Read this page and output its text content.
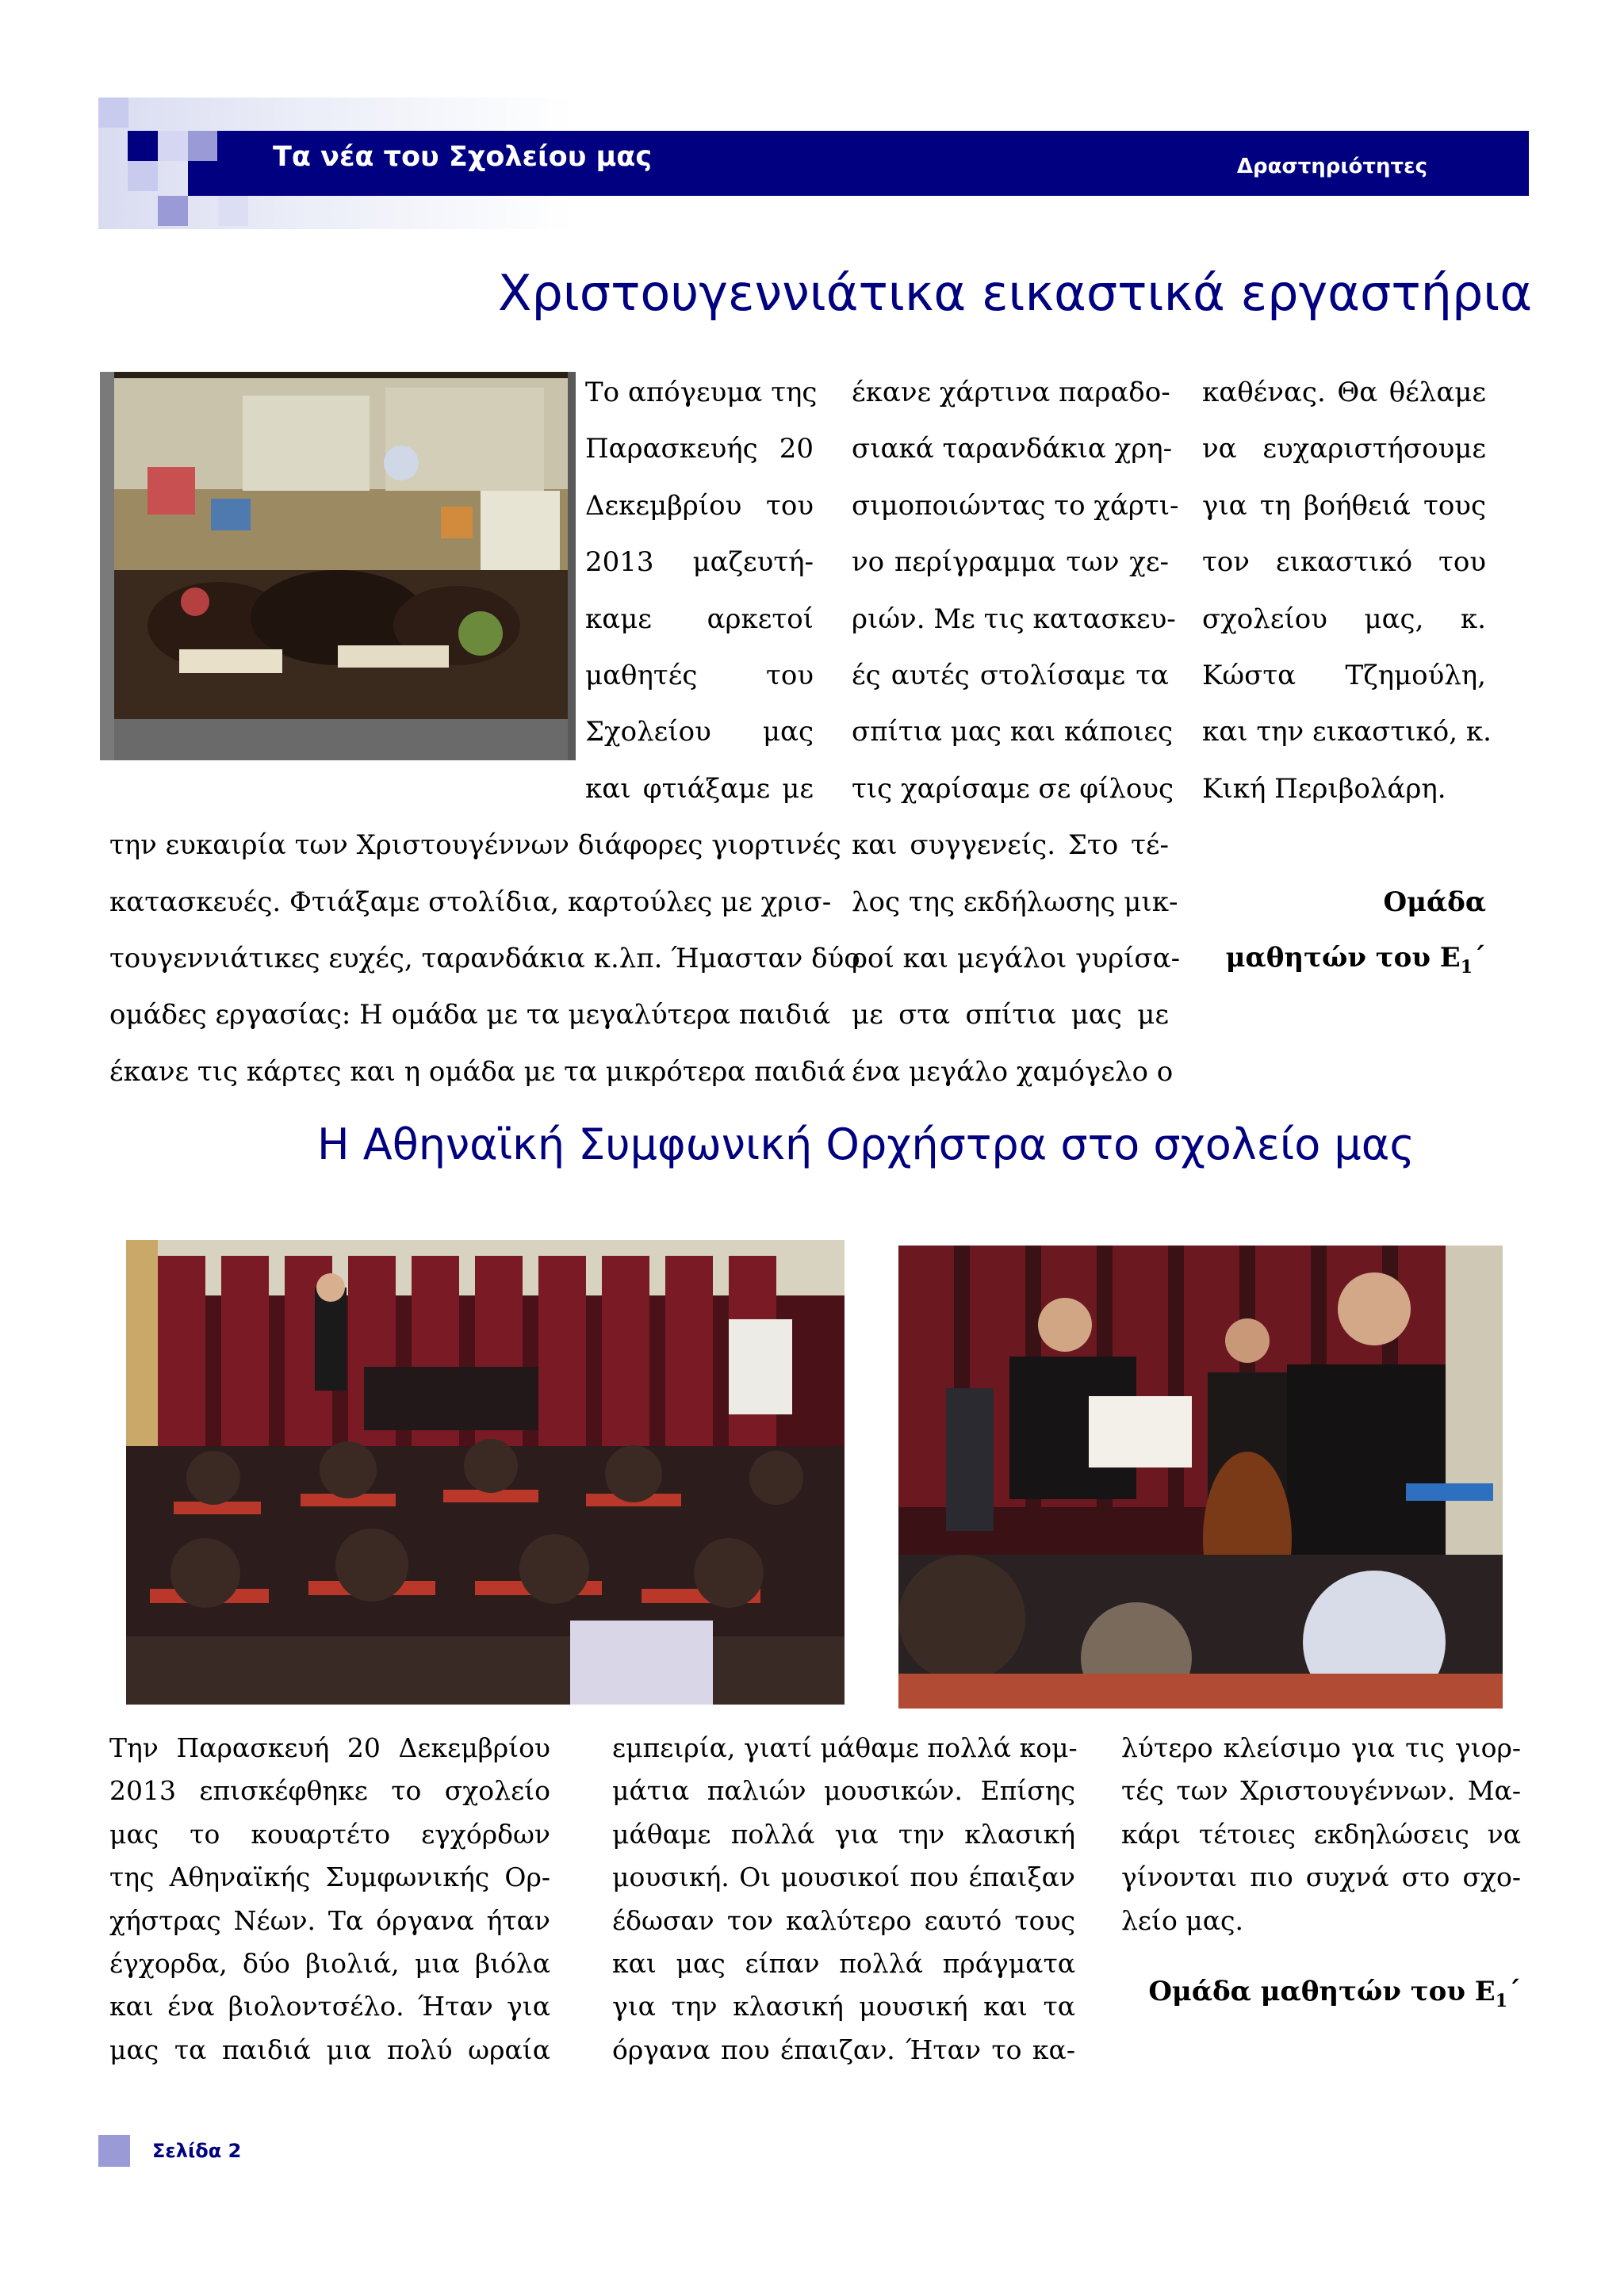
Τα νέα του Σχολείου μας	Δραστηριότητες
Χριστουγεννιάτικα εικαστικά εργαστήρια
Το απόγευμα της
Παρασκευής 20
Δεκεμβρίου του
2013 μαζευτή-
καμε αρκετοί
μαθητές του
Σχολείου μας
και φτιάξαμε με
την ευκαιρία των Χριστουγέννων διάφορες γιορτινές
κατασκευές. Φτιάξαμε στολίδια, καρτούλες με χρισ-
τουγεννιάτικες ευχές, ταρανδάκια κ.λπ. Ήμασταν δύο
ομάδες εργασίας: Η ομάδα με τα μεγαλύτερα παιδιά
έκανε τις κάρτες και η ομάδα με τα μικρότερα παιδιά
έκανε χάρτινα παραδο-
σιακά ταρανδάκια χρη-
σιμοποιώντας το χάρτι-
νο περίγραμμα των χε-
ριών. Με τις κατασκευ-
ές αυτές στολίσαμε τα
σπίτια μας και κάποιες
τις χαρίσαμε σε φίλους
και συγγενείς. Στο τέ-
λος της εκδήλωσης μικ-
ροί και μεγάλοι γυρίσα-
με στα σπίτια μας με
ένα μεγάλο χαμόγελο ο
καθένας. Θα θέλαμε
να ευχαριστήσουμε
για τη βοήθειά τους
τον εικαστικό του
σχολείου μας, κ.
Κώστα Τζημούλη,
και την εικαστικό, κ.
Κική Περιβολάρη.
Ομάδα
μαθητών του $E_1΄$
Η Αθηναϊκή Συμφωνική Ορχήστρα στο σχολείο μας
Την Παρασκευή 20 Δεκεμβρίου
2013 επισκέφθηκε το σχολείο
μας το κουαρτέτο εγχόρδων
της Αθηναϊκής Συμφωνικής Ορ-
χήστρας Νέων. Τα όργανα ήταν
έγχορδα, δύο βιολιά, μια βιόλα
και ένα βιολοντσέλο. Ήταν για
μας τα παιδιά μια πολύ ωραία
εμπειρία, γιατί μάθαμε πολλά κομ-
μάτια παλιών μουσικών. Επίσης
μάθαμε πολλά για την κλασική
μουσική. Οι μουσικοί που έπαιξαν
έδωσαν τον καλύτερο εαυτό τους
και μας είπαν πολλά πράγματα
για την κλασική μουσική και τα
όργανα που έπαιζαν. Ήταν το κα-
λύτερο κλείσιμο για τις γιορ-
τές των Χριστουγέννων. Μα-
κάρι τέτοιες εκδηλώσεις να
γίνονται πιο συχνά στο σχο-
λείο μας.
Ομάδα μαθητών του $E_1΄$
Σελίδα 2
